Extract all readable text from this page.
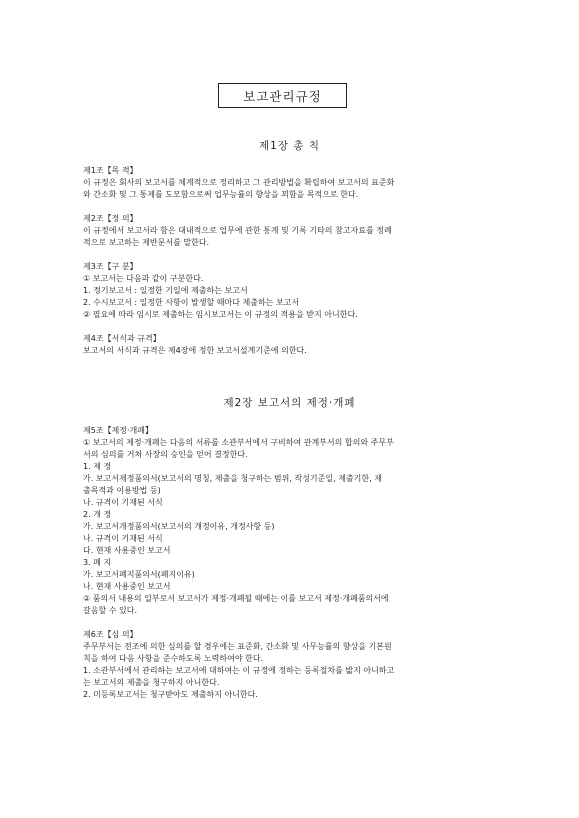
보고관리규정
제1장 총 칙

제1조【목 적】

이 규정은 회사의 보고서를 체계적으로 정리하고 그 관리방법을 확립하여 보고서의 표준화

와 간소화 및 그 통제를 도모함으로써 업무능률의 향상을 꾀함을 목적으로 한다.

제2조【정 의】

이 규정에서 보고서라 함은 대내적으로 업무에 관한 통계 및 기록 기타의 참고자료를 정례

적으로 보고하는 제반문서를 말한다.

제3조【구 분】

① 보고서는 다음과 같이 구분한다.

1. 정기보고서 : 일정한 기일에 제출하는 보고서

2. 수시보고서 : 일정한 사항이 발생할 때마다 제출하는 보고서

② 필요에 따라 임시로 제출하는 임시보고서는 이 규정의 적용을 받지 아니한다.

제4조【서식과 규격】

보고서의 서식과 규격은 제4장에 정한 보고서설계기준에 의한다.

제2장 보고서의 제정·개폐

제5조【제정·개폐】

① 보고서의 제정·개폐는 다음의 서류를 소관부서에서 구비하여 관계부서의 합의와 주무부

서의 심의를 거쳐 사장의 승인을 얻어 결정한다.

1. 제 정

가. 보고서제정품의서(보고서의 명칭, 제출을 청구하는 범위, 작성기준일, 제출기한, 제

출목적과 이용방법 등)

나. 규격이 기재된 서식

2. 개 정

가. 보고서개정품의서(보고서의 개정이유, 개정사항 등)

나. 규격이 기재된 서식

다. 현재 사용중인 보고서

3. 폐 지

가. 보고서폐지품의서(폐지이유)

나. 현재 사용중인 보고서

② 품의서 내용의 일부로서 보고서가 제정·개폐될 때에는 이를 보고서 제정·개폐품의서에

갈음할 수 있다.

제6조【심 의】

주무부서는 전조에 의한 심의를 할 경우에는 표준화, 간소화 및 사무능률의 향상을 기본원

칙을 하여 다음 사항을 준수하도록 노력하여야 한다.

1. 소관부서에서 관리하는 보고서에 대하여는 이 규정에 정하는 등록절차를 밟지 아니하고

는 보고서의 제출을 청구하지 아니한다.

2. 미등록보고서는 청구받아도 제출하지 아니한다.
